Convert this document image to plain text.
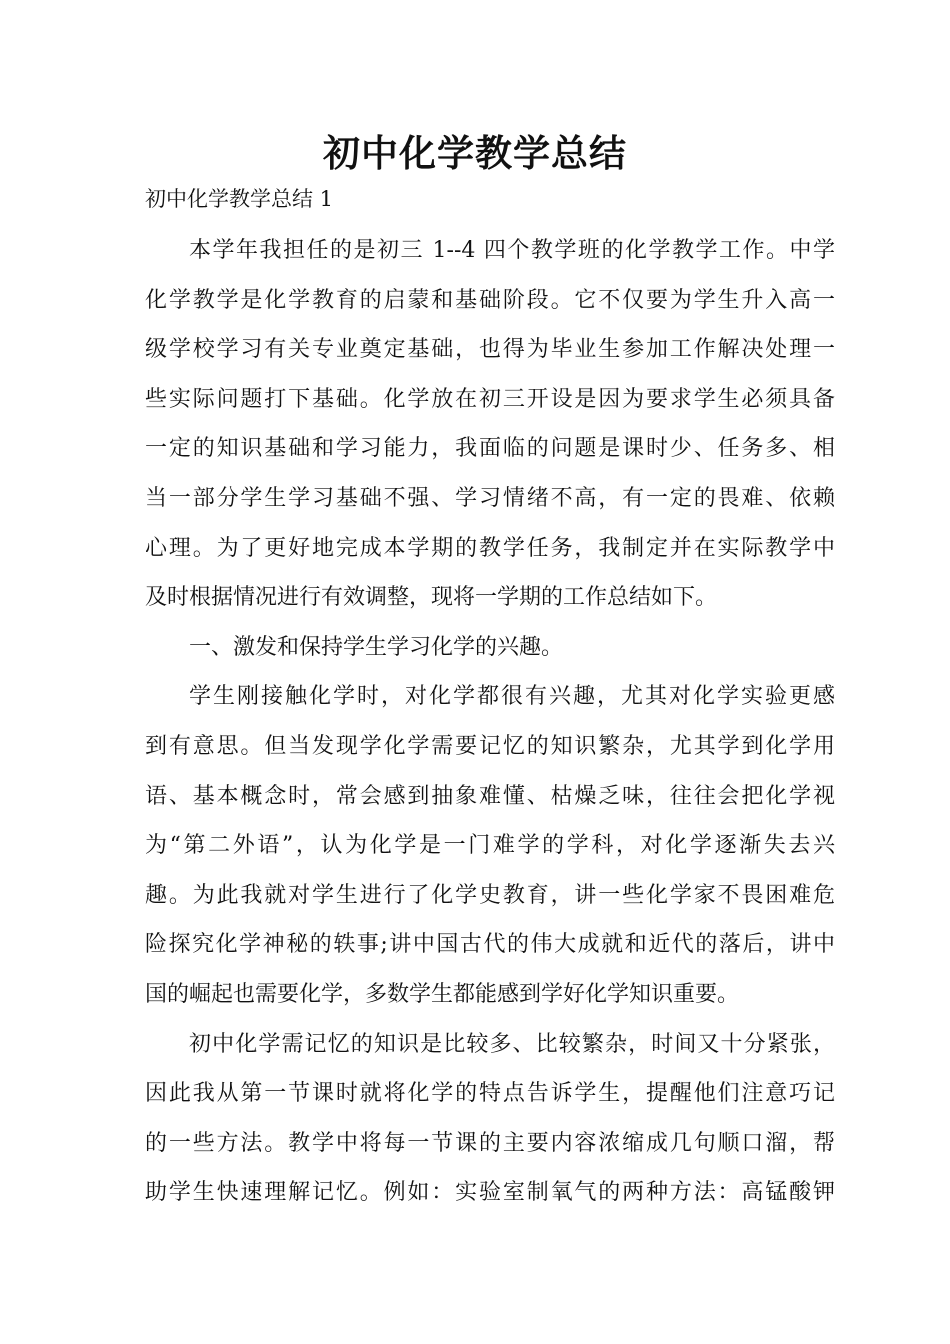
初中化学教学总结
初中化学教学总结 1
本学年我担任的是初三 1--4 四个教学班的化学教学工作。中学
化学教学是化学教育的启蒙和基础阶段。它不仅要为学生升入高一
级学校学习有关专业奠定基础，也得为毕业生参加工作解决处理一
些实际问题打下基础。化学放在初三开设是因为要求学生必须具备
一定的知识基础和学习能力，我面临的问题是课时少、任务多、相
当一部分学生学习基础不强、学习情绪不高，有一定的畏难、依赖
心理。为了更好地完成本学期的教学任务，我制定并在实际教学中
及时根据情况进行有效调整，现将一学期的工作总结如下。
一、激发和保持学生学习化学的兴趣。
学生刚接触化学时，对化学都很有兴趣，尤其对化学实验更感
到有意思。但当发现学化学需要记忆的知识繁杂，尤其学到化学用
语、基本概念时，常会感到抽象难懂、枯燥乏味，往往会把化学视
为“第二外语”，认为化学是一门难学的学科，对化学逐渐失去兴
趣。为此我就对学生进行了化学史教育，讲一些化学家不畏困难危
险探究化学神秘的轶事;讲中国古代的伟大成就和近代的落后，讲中
国的崛起也需要化学，多数学生都能感到学好化学知识重要。
初中化学需记忆的知识是比较多、比较繁杂，时间又十分紧张，
因此我从第一节课时就将化学的特点告诉学生，提醒他们注意巧记
的一些方法。教学中将每一节课的主要内容浓缩成几句顺口溜，帮
助学生快速理解记忆。例如：实验室制氧气的两种方法：高锰酸钾
